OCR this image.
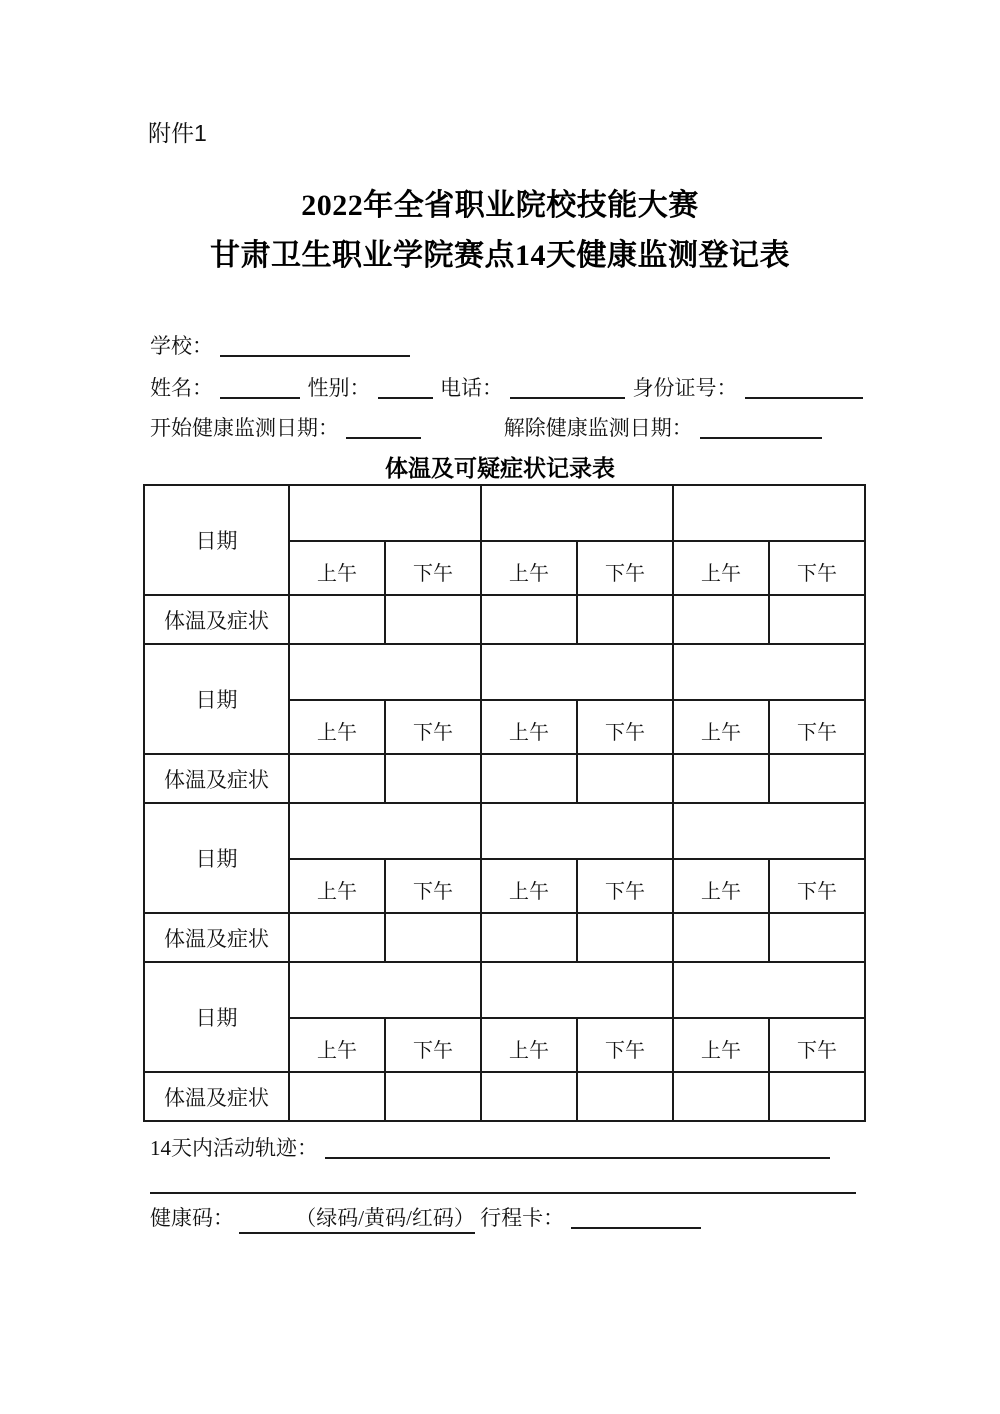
附件1
2022年全省职业院校技能大赛
甘肃卫生职业学院赛点14天健康监测登记表
学校：
姓名：	性别：	电话：	身份证号：
开始健康监测日期：	解除健康监测日期：
体温及可疑症状记录表
日期						
	上午	下午	上午	下午	上午	下午
体温及症状						
日期						
	上午	下午	上午	下午	上午	下午
体温及症状						
日期						
	上午	下午	上午	下午	上午	下午
体温及症状						
日期						
	上午	下午	上午	下午	上午	下午
体温及症状						
14天内活动轨迹：
健康码：	（绿码/黄码/红码） 行程卡：
